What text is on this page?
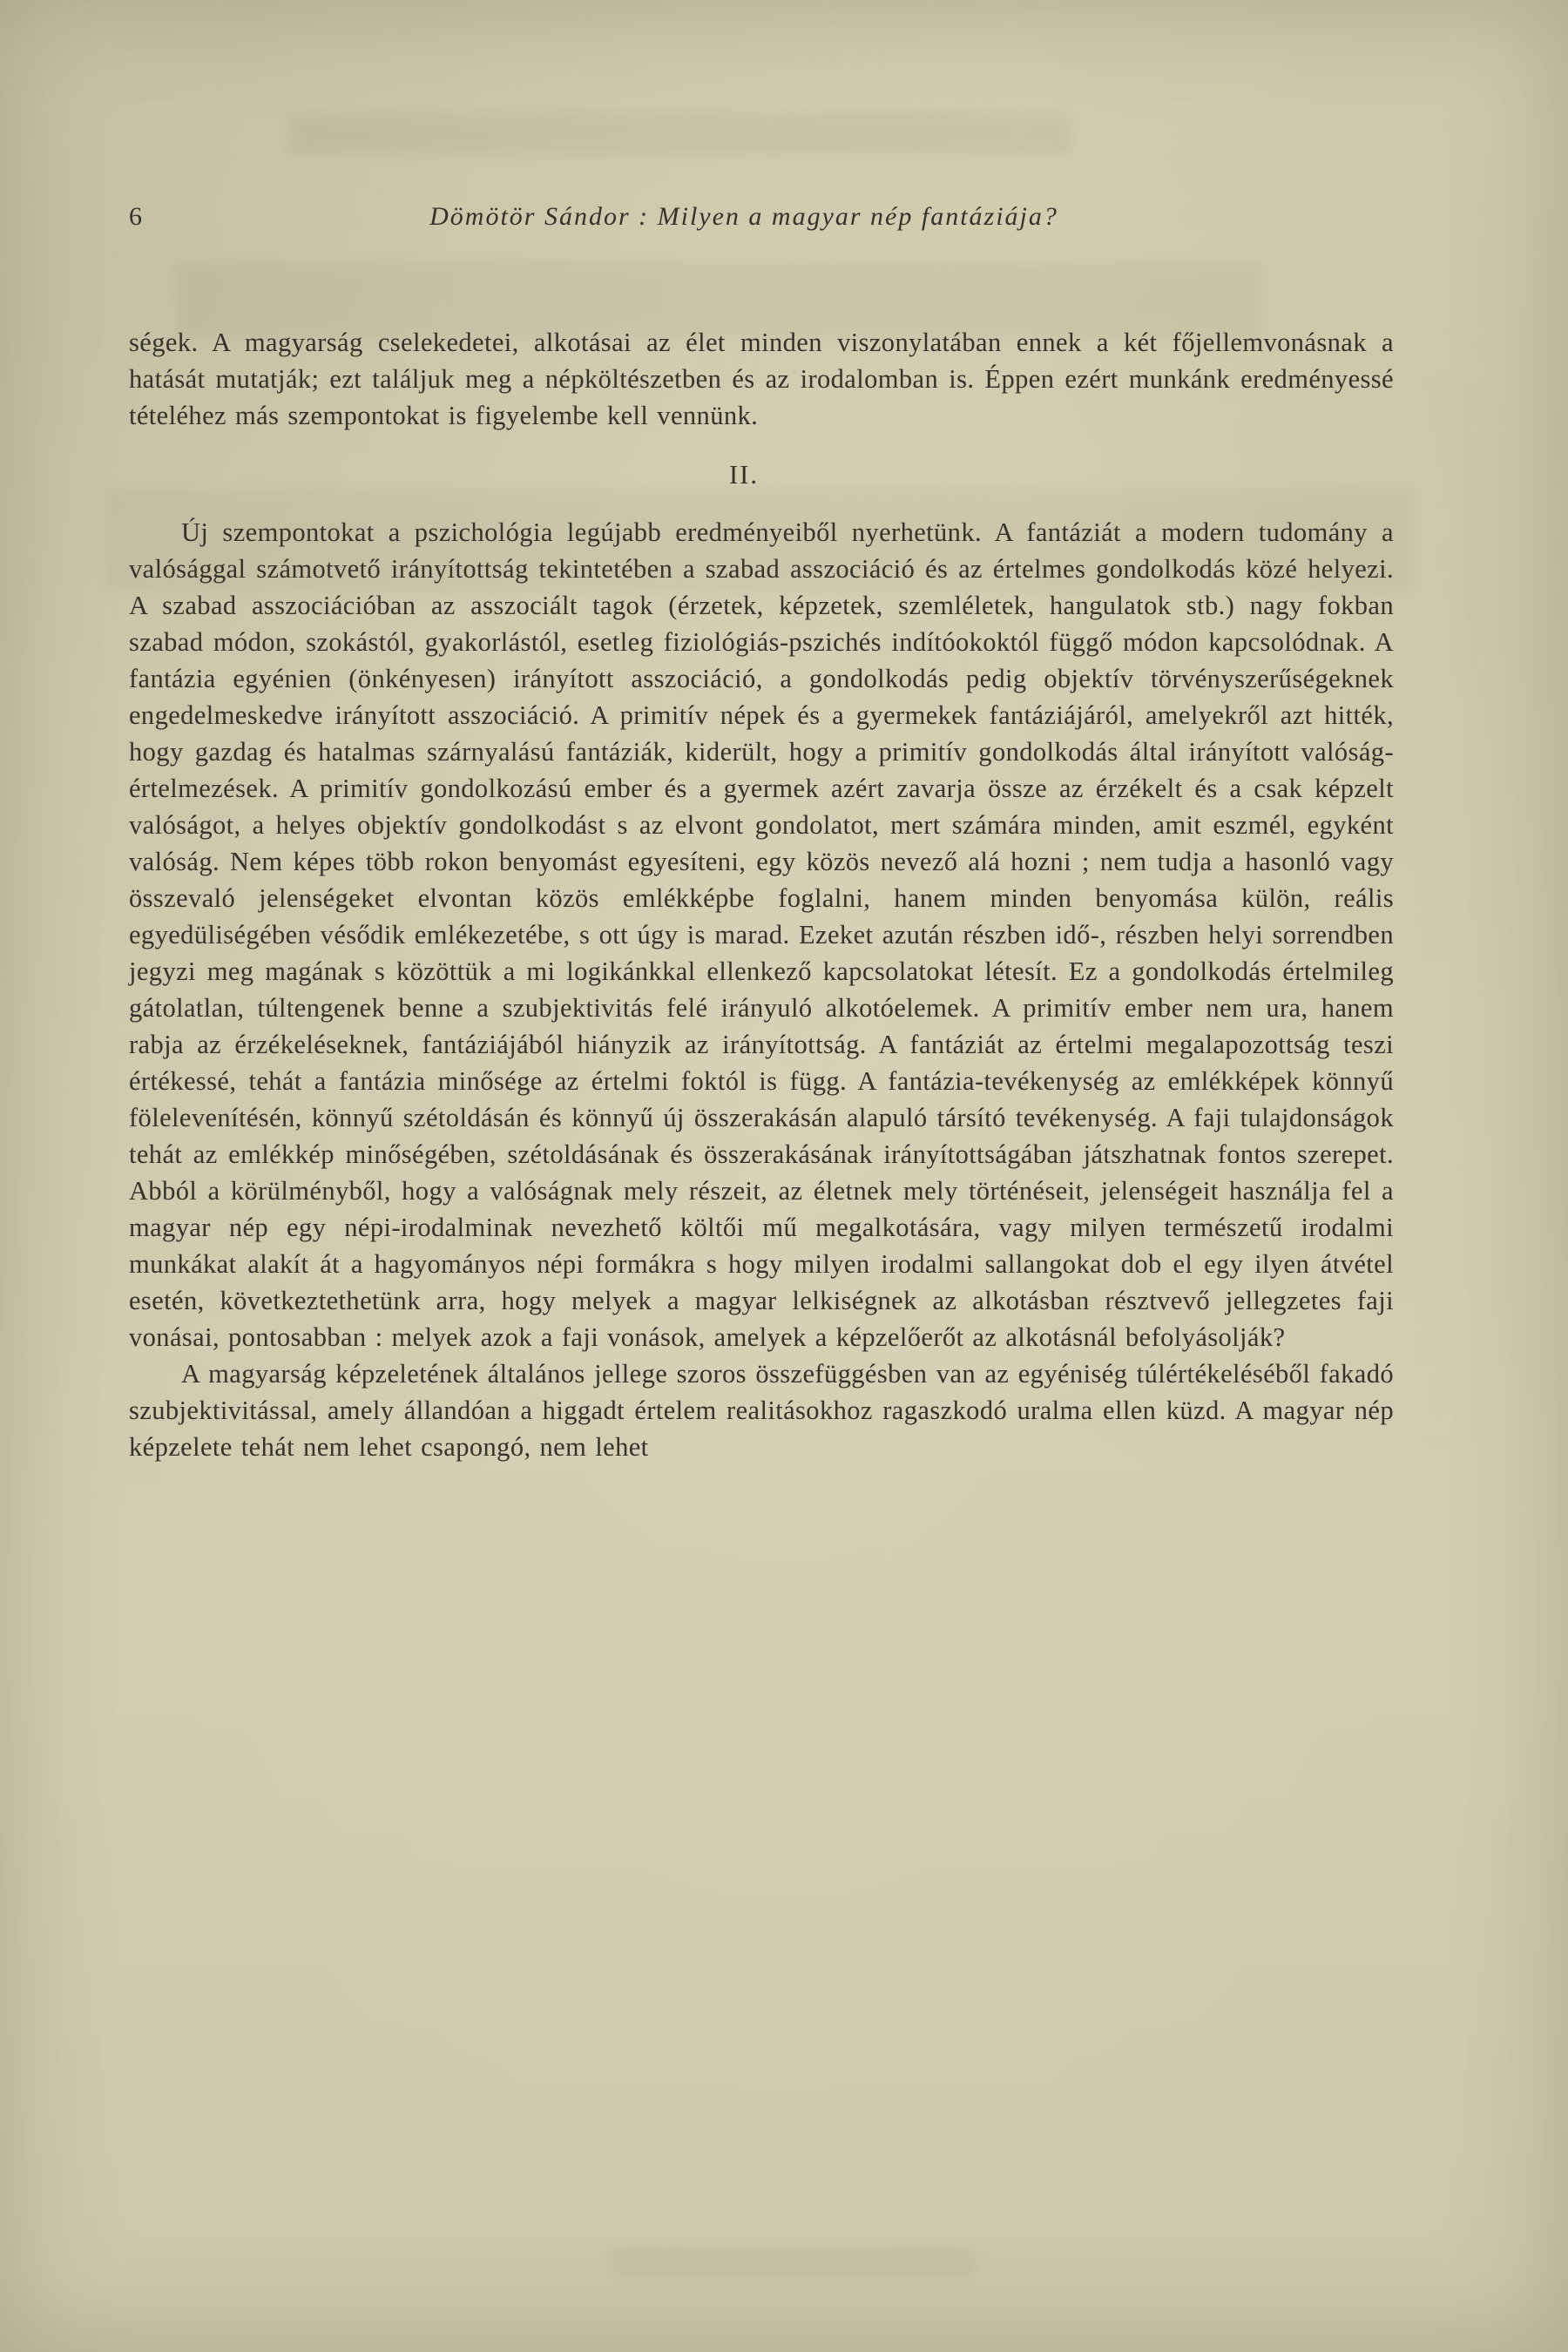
6	Dömötör Sándor : Milyen a magyar nép fantáziája?

ségek. A magyarság cselekedetei, alkotásai az élet minden viszonylatában ennek a két főjellemvonásnak a hatását mutatják; ezt találjuk meg a népköltészetben és az irodalomban is. Éppen ezért munkánk eredményessé tételéhez más szempontokat is figyelembe kell vennünk.

II.

Új szempontokat a pszichológia legújabb eredményeiből nyerhetünk. A fantáziát a modern tudomány a valósággal számotvető irányítottság tekintetében a szabad asszociáció és az értelmes gondolkodás közé helyezi. A szabad asszociációban az asszociált tagok (érzetek, képzetek, szemléletek, hangulatok stb.) nagy fokban szabad módon, szokástól, gyakorlástól, esetleg fiziológiás-pszichés indítóokoktól függő módon kapcsolódnak. A fantázia egyénien (önkényesen) irányított asszociáció, a gondolkodás pedig objektív törvényszerűségeknek engedelmeskedve irányított asszociáció. A primitív népek és a gyermekek fantáziájáról, amelyekről azt hitték, hogy gazdag és hatalmas szárnyalású fantáziák, kiderült, hogy a primitív gondolkodás által irányított valóság-értelmezések. A primitív gondolkozású ember és a gyermek azért zavarja össze az érzékelt és a csak képzelt valóságot, a helyes objektív gondolkodást s az elvont gondolatot, mert számára minden, amit eszmél, egyként valóság. Nem képes több rokon benyomást egyesíteni, egy közös nevező alá hozni ; nem tudja a hasonló vagy összevaló jelenségeket elvontan közös emlékképbe foglalni, hanem minden benyomása külön, reális egyedüliségében vésődik emlékezetébe, s ott úgy is marad. Ezeket azután részben idő-, részben helyi sorrendben jegyzi meg magának s közöttük a mi logikánkkal ellenkező kapcsolatokat létesít. Ez a gondolkodás értelmileg gátolatlan, túltengenek benne a szubjektivitás felé irányuló alkotóelemek. A primitív ember nem ura, hanem rabja az érzékeléseknek, fantáziájából hiányzik az irányítottság. A fantáziát az értelmi megalapozottság teszi értékessé, tehát a fantázia minősége az értelmi foktól is függ. A fantázia-tevékenység az emlékképek könnyű fölelevenítésén, könnyű szétoldásán és könnyű új összerakásán alapuló társító tevékenység. A faji tulajdonságok tehát az emlékkép minőségében, szétoldásának és összerakásának irányítottságában játszhatnak fontos szerepet. Abból a körülményből, hogy a valóságnak mely részeit, az életnek mely történéseit, jelenségeit használja fel a magyar nép egy népi-irodalminak nevezhető költői mű megalkotására, vagy milyen természetű irodalmi munkákat alakít át a hagyományos népi formákra s hogy milyen irodalmi sallangokat dob el egy ilyen átvétel esetén, következtethetünk arra, hogy melyek a magyar lelkiségnek az alkotásban résztvevő jellegzetes faji vonásai, pontosabban : melyek azok a faji vonások, amelyek a képzelőerőt az alkotásnál befolyásolják?

A magyarság képzeletének általános jellege szoros összefüggésben van az egyéniség túlértékeléséből fakadó szubjektivitással, amely állandóan a higgadt értelem realitásokhoz ragaszkodó uralma ellen küzd. A magyar nép képzelete tehát nem lehet csapongó, nem lehet
